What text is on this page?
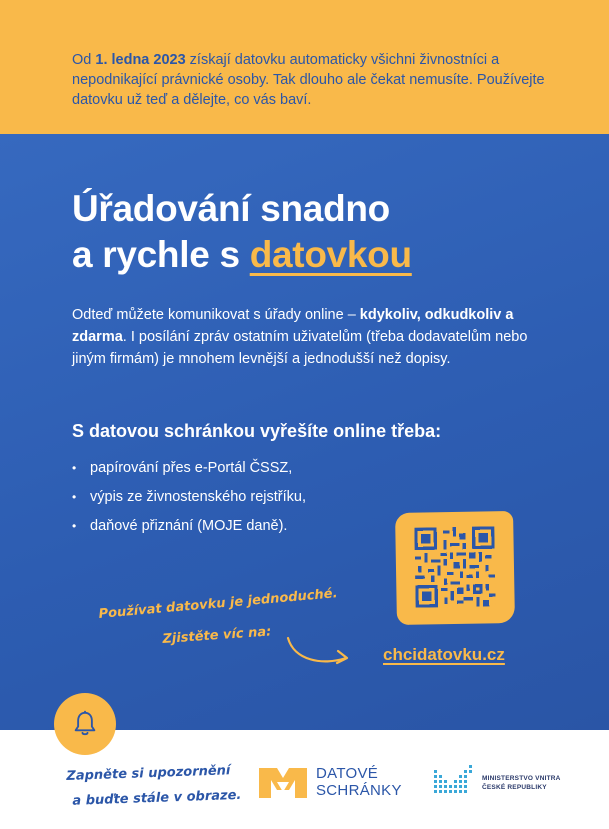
Od 1. ledna 2023 získají datovku automaticky všichni živnostníci a nepodnikající právnické osoby. Tak dlouho ale čekat nemusíte. Používejte datovku už teď a dělejte, co vás baví.
Úřadování snadno
a rychle s datovkou

Odteď můžete komunikovat s úřady online – kdykoliv, odkudkoliv a zdarma. I posílání zpráv ostatním uživatelům (třeba dodavatelům nebo jiným firmám) je mnohem levnější a jednodušší než dopisy.

S datovou schránkou vyřešíte online třeba:
• papírování přes e-Portál ČSSZ,
• výpis ze živnostenského rejstříku,
• daňové přiznání (MOJE daně).
Používat datovku je jednoduché.
Zjistěte víc na:
chcidatovku.cz
Zapněte si upozornění
a buďte stále v obraze.
DATOVÉ
SCHRÁNKY
MINISTERSTVO VNITRA
ČESKÉ REPUBLIKY
